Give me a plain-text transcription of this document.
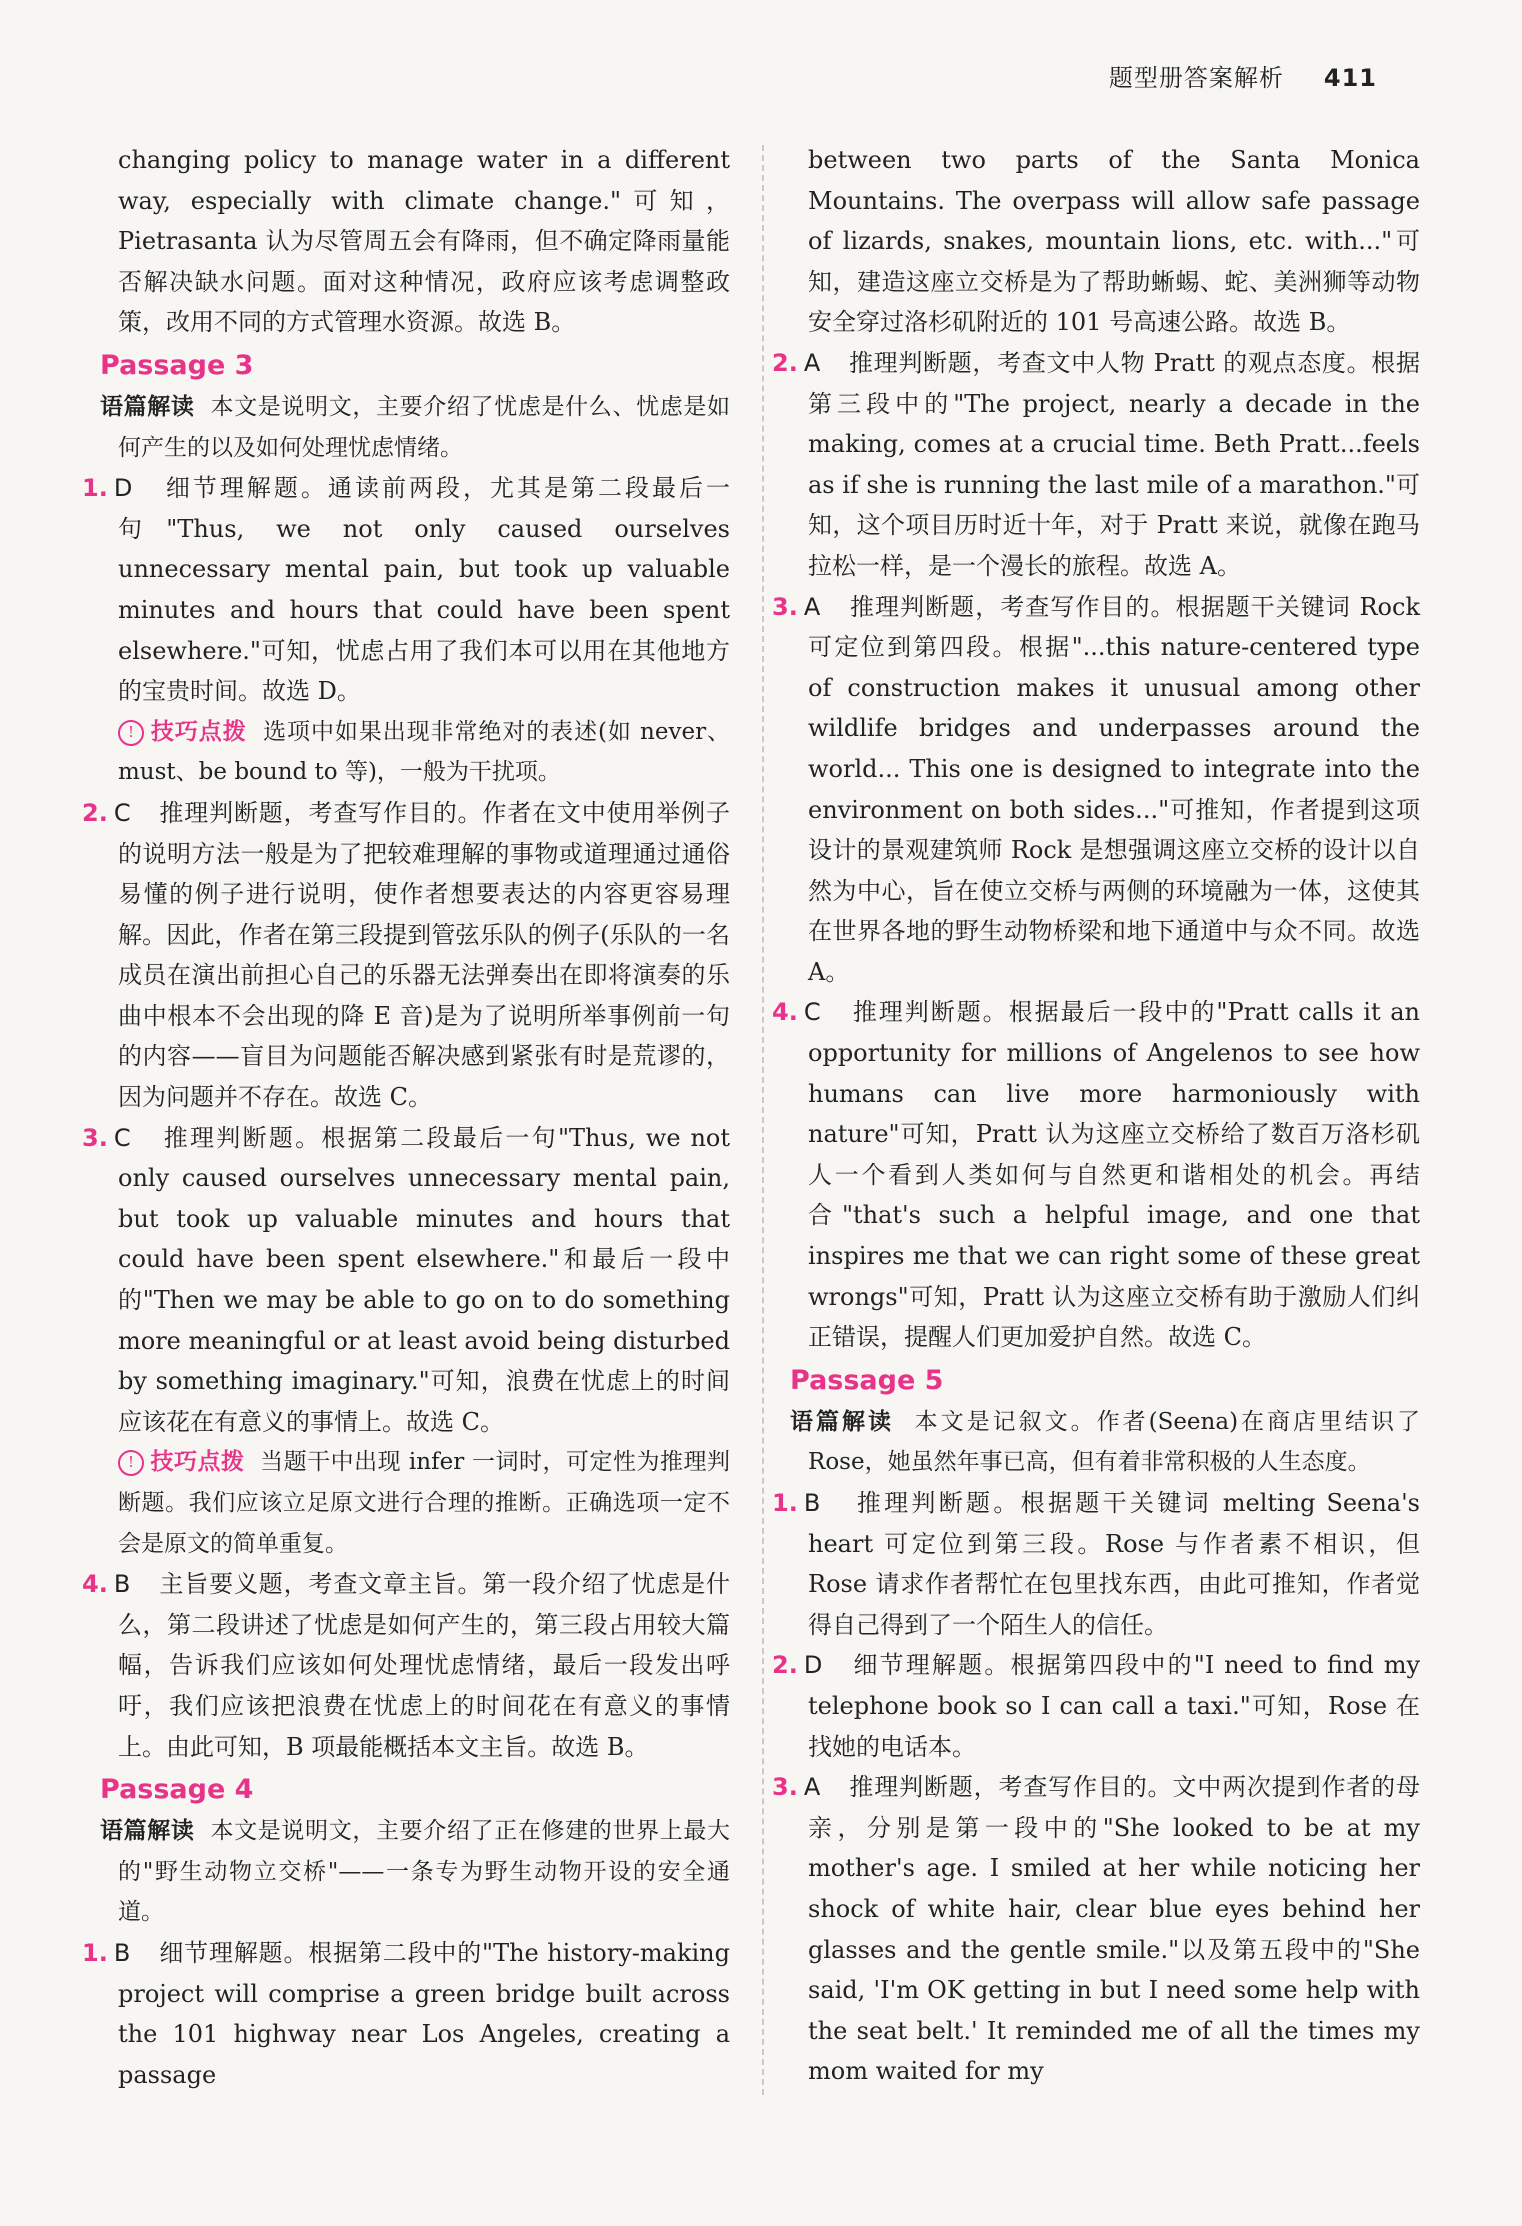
题型册答案解析 411

changing policy to manage water in a different way, especially with climate change."可知，Pietrasanta 认为尽管周五会有降雨，但不确定降雨量能否解决缺水问题。面对这种情况，政府应该考虑调整政策，改用不同的方式管理水资源。故选 B。

Passage 3

语篇解读 本文是说明文，主要介绍了忧虑是什么、忧虑是如何产生的以及如何处理忧虑情绪。

1. D	细节理解题。通读前两段，尤其是第二段最后一句"Thus, we not only caused ourselves unnecessary mental pain, but took up valuable minutes and hours that could have been spent elsewhere."可知，忧虑占用了我们本可以用在其他地方的宝贵时间。故选 D。

! 技巧点拨 选项中如果出现非常绝对的表述(如 never、must、be bound to 等)，一般为干扰项。

2. C	推理判断题，考查写作目的。作者在文中使用举例子的说明方法一般是为了把较难理解的事物或道理通过通俗易懂的例子进行说明，使作者想要表达的内容更容易理解。因此，作者在第三段提到管弦乐队的例子(乐队的一名成员在演出前担心自己的乐器无法弹奏出在即将演奏的乐曲中根本不会出现的降 E 音)是为了说明所举事例前一句的内容——盲目为问题能否解决感到紧张有时是荒谬的，因为问题并不存在。故选 C。

3. C	推理判断题。根据第二段最后一句"Thus, we not only caused ourselves unnecessary mental pain, but took up valuable minutes and hours that could have been spent elsewhere."和最后一段中的"Then we may be able to go on to do something more meaningful or at least avoid being disturbed by something imaginary."可知，浪费在忧虑上的时间应该花在有意义的事情上。故选 C。

! 技巧点拨 当题干中出现 infer 一词时，可定性为推理判断题。我们应该立足原文进行合理的推断。正确选项一定不会是原文的简单重复。

4. B	主旨要义题，考查文章主旨。第一段介绍了忧虑是什么，第二段讲述了忧虑是如何产生的，第三段占用较大篇幅，告诉我们应该如何处理忧虑情绪，最后一段发出呼吁，我们应该把浪费在忧虑上的时间花在有意义的事情上。由此可知，B 项最能概括本文主旨。故选 B。

Passage 4

语篇解读 本文是说明文，主要介绍了正在修建的世界上最大的"野生动物立交桥"——一条专为野生动物开设的安全通道。

1. B	细节理解题。根据第二段中的"The history-making project will comprise a green bridge built across the 101 highway near Los Angeles, creating a passage

between two parts of the Santa Monica Mountains. The overpass will allow safe passage of lizards, snakes, mountain lions, etc. with..."可知，建造这座立交桥是为了帮助蜥蜴、蛇、美洲狮等动物安全穿过洛杉矶附近的 101 号高速公路。故选 B。

2. A	推理判断题，考查文中人物 Pratt 的观点态度。根据第三段中的"The project, nearly a decade in the making, comes at a crucial time. Beth Pratt...feels as if she is running the last mile of a marathon."可知，这个项目历时近十年，对于 Pratt 来说，就像在跑马拉松一样，是一个漫长的旅程。故选 A。

3. A	推理判断题，考查写作目的。根据题干关键词 Rock 可定位到第四段。根据"...this nature-centered type of construction makes it unusual among other wildlife bridges and underpasses around the world... This one is designed to integrate into the environment on both sides..."可推知，作者提到这项设计的景观建筑师 Rock 是想强调这座立交桥的设计以自然为中心，旨在使立交桥与两侧的环境融为一体，这使其在世界各地的野生动物桥梁和地下通道中与众不同。故选 A。

4. C	推理判断题。根据最后一段中的"Pratt calls it an opportunity for millions of Angelenos to see how humans can live more harmoniously with nature"可知，Pratt 认为这座立交桥给了数百万洛杉矶人一个看到人类如何与自然更和谐相处的机会。再结合"that's such a helpful image, and one that inspires me that we can right some of these great wrongs"可知，Pratt 认为这座立交桥有助于激励人们纠正错误，提醒人们更加爱护自然。故选 C。

Passage 5

语篇解读 本文是记叙文。作者(Seena)在商店里结识了 Rose，她虽然年事已高，但有着非常积极的人生态度。

1. B	推理判断题。根据题干关键词 melting Seena's heart 可定位到第三段。Rose 与作者素不相识，但 Rose 请求作者帮忙在包里找东西，由此可推知，作者觉得自己得到了一个陌生人的信任。

2. D	细节理解题。根据第四段中的"I need to find my telephone book so I can call a taxi."可知，Rose 在找她的电话本。

3. A	推理判断题，考查写作目的。文中两次提到作者的母亲，分别是第一段中的"She looked to be at my mother's age. I smiled at her while noticing her shock of white hair, clear blue eyes behind her glasses and the gentle smile."以及第五段中的"She said, 'I'm OK getting in but I need some help with the seat belt.' It reminded me of all the times my mom waited for my
